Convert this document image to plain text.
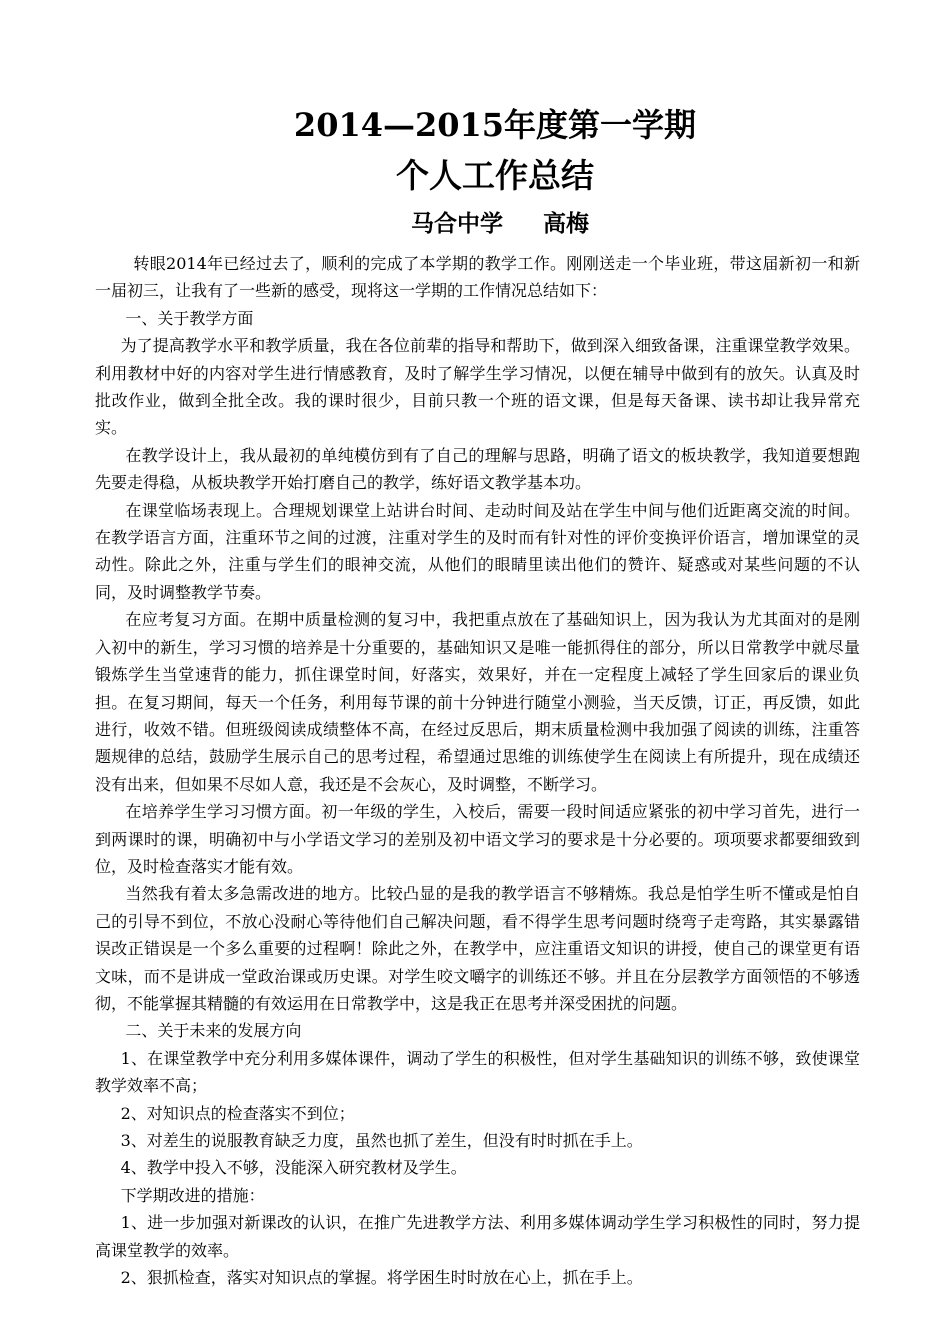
2014—2015年度第一学期
个人工作总结
马合中学 高梅

转眼2014年已经过去了，顺利的完成了本学期的教学工作。刚刚送走一个毕业班，带这届新初一和新一届初三，让我有了一些新的感受，现将这一学期的工作情况总结如下：

一、关于教学方面

为了提高教学水平和教学质量，我在各位前辈的指导和帮助下，做到深入细致备课，注重课堂教学效果。利用教材中好的内容对学生进行情感教育，及时了解学生学习情况，以便在辅导中做到有的放矢。认真及时批改作业，做到全批全改。我的课时很少，目前只教一个班的语文课，但是每天备课、读书却让我异常充实。

在教学设计上，我从最初的单纯模仿到有了自己的理解与思路，明确了语文的板块教学，我知道要想跑先要走得稳，从板块教学开始打磨自己的教学，练好语文教学基本功。

在课堂临场表现上。合理规划课堂上站讲台时间、走动时间及站在学生中间与他们近距离交流的时间。在教学语言方面，注重环节之间的过渡，注重对学生的及时而有针对性的评价变换评价语言，增加课堂的灵动性。除此之外，注重与学生们的眼神交流，从他们的眼睛里读出他们的赞许、疑惑或对某些问题的不认同，及时调整教学节奏。

在应考复习方面。在期中质量检测的复习中，我把重点放在了基础知识上，因为我认为尤其面对的是刚入初中的新生，学习习惯的培养是十分重要的，基础知识又是唯一能抓得住的部分，所以日常教学中就尽量锻炼学生当堂速背的能力，抓住课堂时间，好落实，效果好，并在一定程度上减轻了学生回家后的课业负担。在复习期间，每天一个任务，利用每节课的前十分钟进行随堂小测验，当天反馈，订正，再反馈，如此进行，收效不错。但班级阅读成绩整体不高，在经过反思后，期末质量检测中我加强了阅读的训练，注重答题规律的总结，鼓励学生展示自己的思考过程，希望通过思维的训练使学生在阅读上有所提升，现在成绩还没有出来，但如果不尽如人意，我还是不会灰心，及时调整，不断学习。

在培养学生学习习惯方面。初一年级的学生，入校后，需要一段时间适应紧张的初中学习首先，进行一到两课时的课，明确初中与小学语文学习的差别及初中语文学习的要求是十分必要的。项项要求都要细致到位，及时检查落实才能有效。

当然我有着太多急需改进的地方。比较凸显的是我的教学语言不够精炼。我总是怕学生听不懂或是怕自己的引导不到位，不放心没耐心等待他们自己解决问题，看不得学生思考问题时绕弯子走弯路，其实暴露错误改正错误是一个多么重要的过程啊！除此之外，在教学中，应注重语文知识的讲授，使自己的课堂更有语文味，而不是讲成一堂政治课或历史课。对学生咬文嚼字的训练还不够。并且在分层教学方面领悟的不够透彻，不能掌握其精髓的有效运用在日常教学中，这是我正在思考并深受困扰的问题。

二、关于未来的发展方向

1、在课堂教学中充分利用多媒体课件，调动了学生的积极性，但对学生基础知识的训练不够，致使课堂教学效率不高；

2、对知识点的检查落实不到位；

3、对差生的说服教育缺乏力度，虽然也抓了差生，但没有时时抓在手上。

4、教学中投入不够，没能深入研究教材及学生。

下学期改进的措施：

1、进一步加强对新课改的认识，在推广先进教学方法、利用多媒体调动学生学习积极性的同时，努力提高课堂教学的效率。

2、狠抓检查，落实对知识点的掌握。将学困生时时放在心上，抓在手上。
